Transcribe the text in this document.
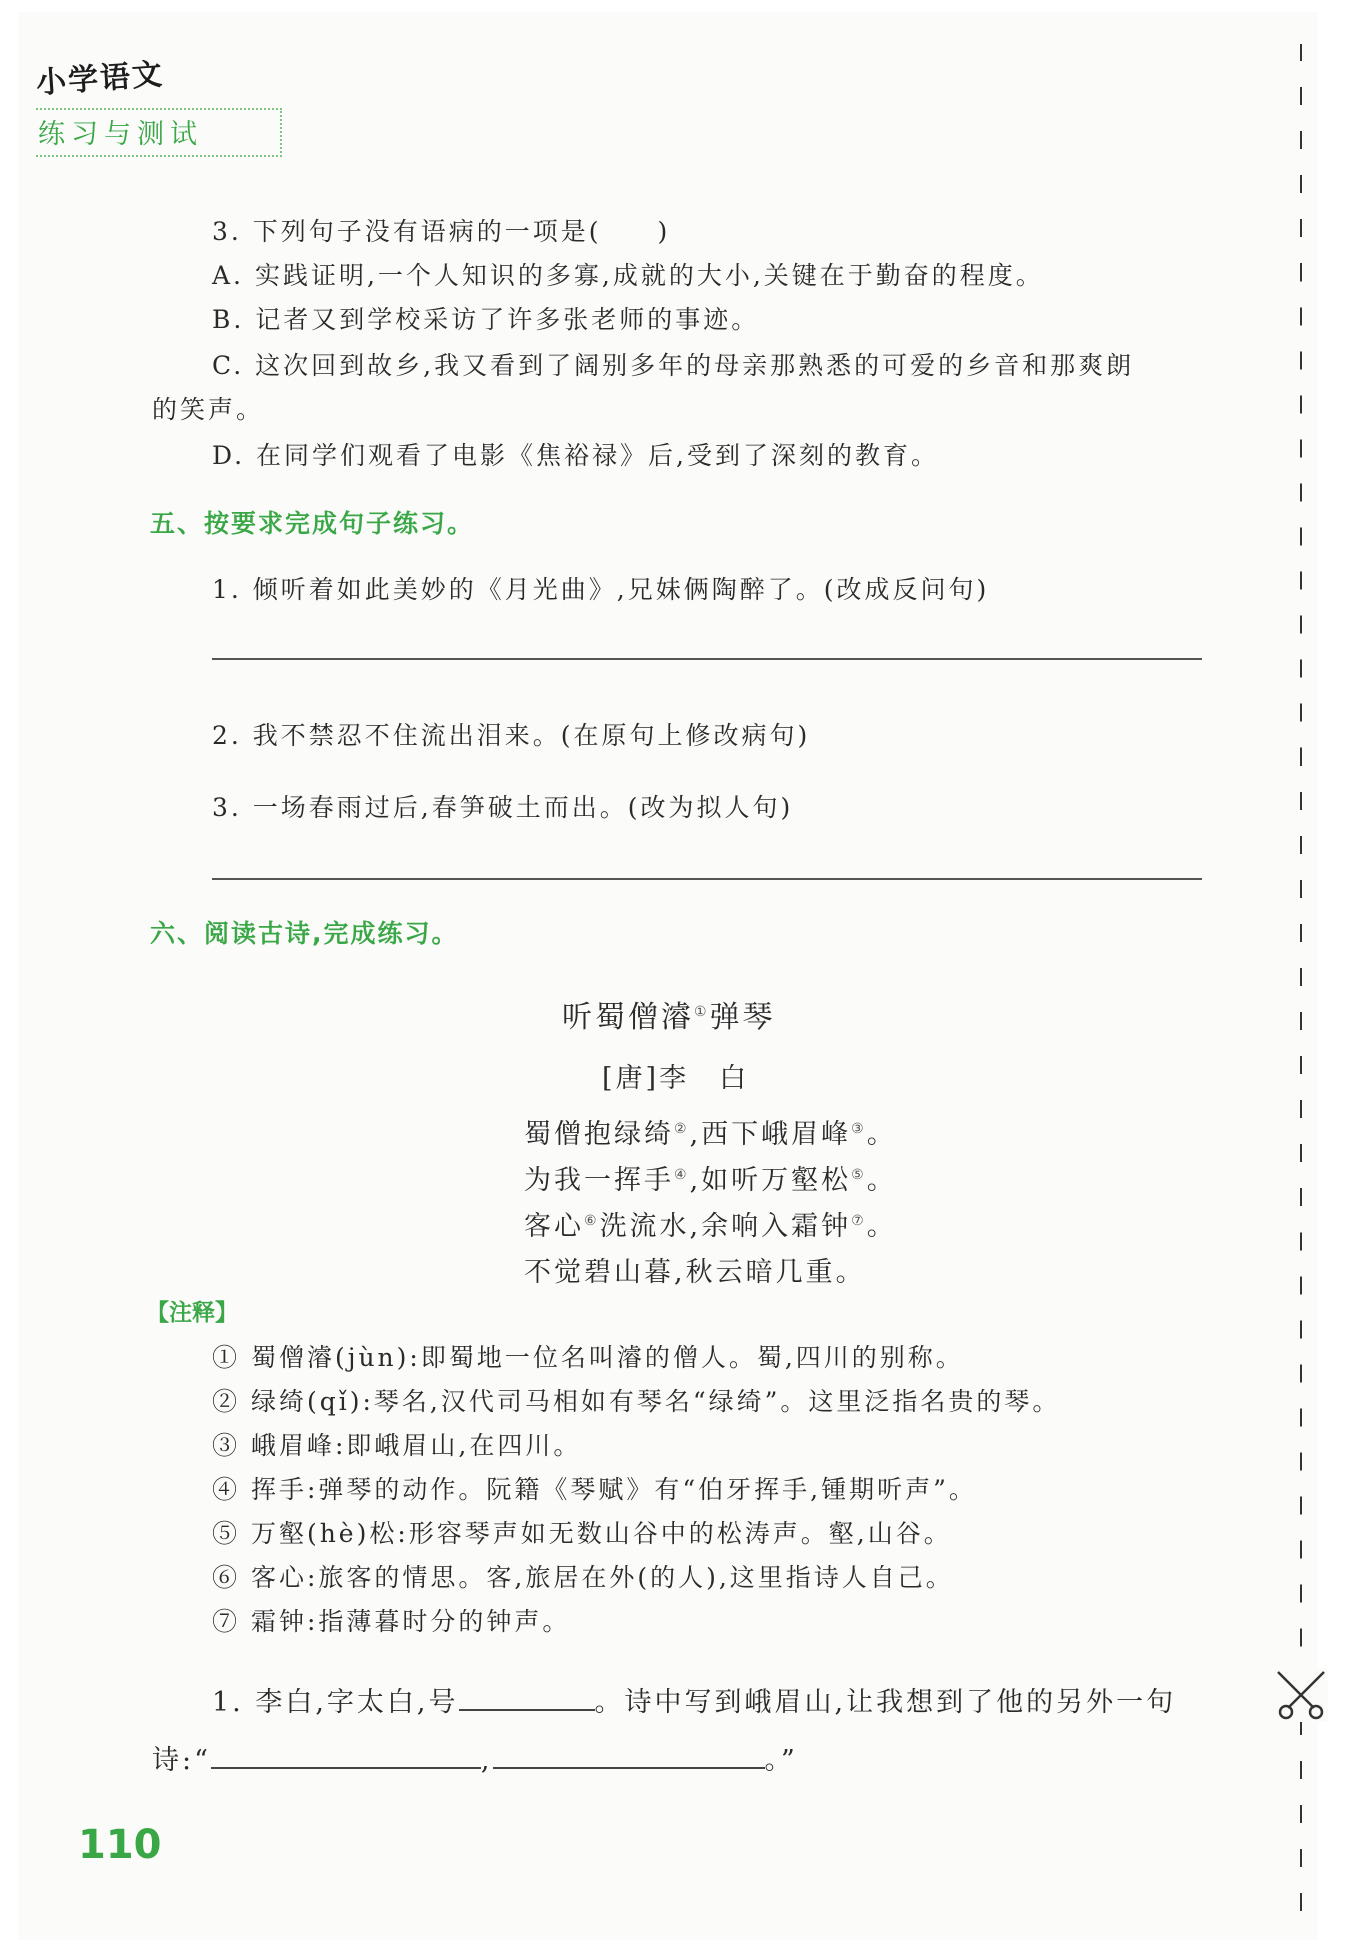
小学语文
练习与测试
3. 下列句子没有语病的一项是(　　)
A. 实践证明,一个人知识的多寡,成就的大小,关键在于勤奋的程度。
B. 记者又到学校采访了许多张老师的事迹。
C. 这次回到故乡,我又看到了阔别多年的母亲那熟悉的可爱的乡音和那爽朗
的笑声。
D. 在同学们观看了电影《焦裕禄》后,受到了深刻的教育。
五、按要求完成句子练习。
1. 倾听着如此美妙的《月光曲》,兄妹俩陶醉了。(改成反问句)
2. 我不禁忍不住流出泪来。(在原句上修改病句)
3. 一场春雨过后,春笋破土而出。(改为拟人句)
六、阅读古诗,完成练习。
听蜀僧濬①弹琴
[唐]李　白
蜀僧抱绿绮②,西下峨眉峰③。
为我一挥手④,如听万壑松⑤。
客心⑥洗流水,余响入霜钟⑦。
不觉碧山暮,秋云暗几重。
【注释】
① 蜀僧濬(jùn):即蜀地一位名叫濬的僧人。蜀,四川的别称。
② 绿绮(qǐ):琴名,汉代司马相如有琴名“绿绮”。这里泛指名贵的琴。
③ 峨眉峰:即峨眉山,在四川。
④ 挥手:弹琴的动作。阮籍《琴赋》有“伯牙挥手,锺期听声”。
⑤ 万壑(hè)松:形容琴声如无数山谷中的松涛声。壑,山谷。
⑥ 客心:旅客的情思。客,旅居在外(的人),这里指诗人自己。
⑦ 霜钟:指薄暮时分的钟声。
1. 李白,字太白,号	。诗中写到峨眉山,让我想到了他的另外一句
诗:“	,	。”
110
